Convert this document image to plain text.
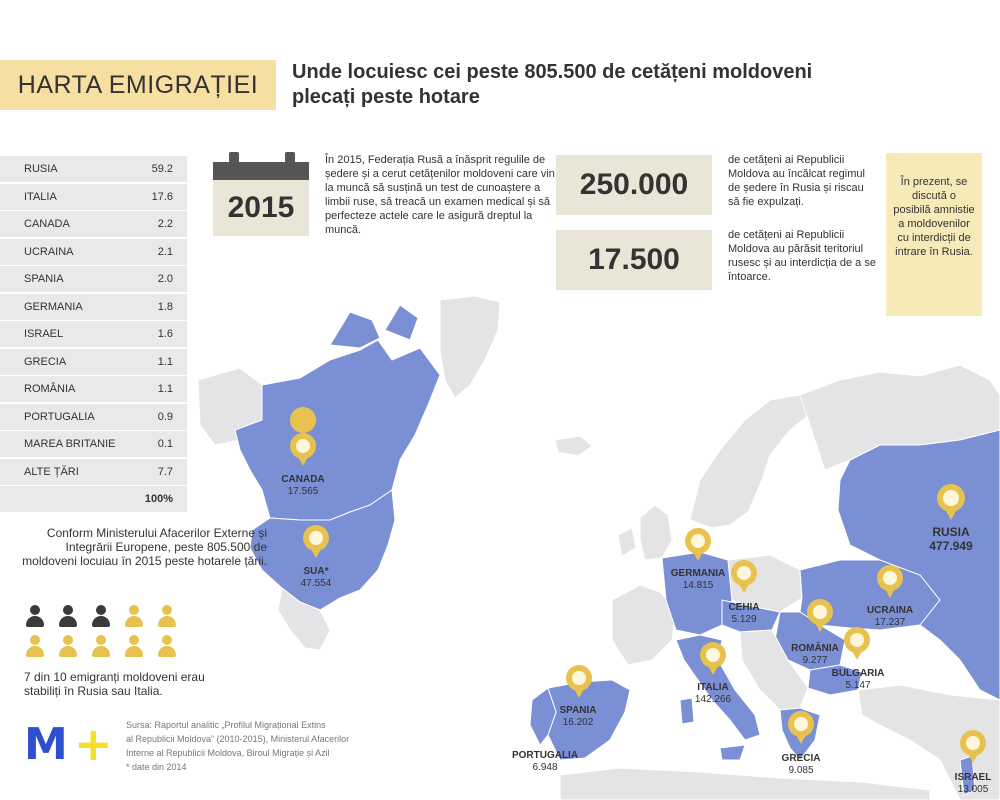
HARTA EMIGRAȚIEI Unde locuiesc cei peste 805.500 de cetățeni moldoveni
plecați peste hotare
CANADA
17.565
SUA*
47.554
GERMANIA
14.815
CEHIA
5.129
UCRAINA
17.237
ROMÂNIA
9.277
BULGARIA
5.147
ITALIA
142.266
SPANIA
16.202
PORTUGALIA
6.948
GRECIA
9.085
RUSIA
477.949
ISRAEL
13.005
RUSIA	59.2
ITALIA	17.6
CANADA	2.2
UCRAINA	2.1
SPANIA	2.0
GERMANIA	1.8
ISRAEL	1.6
GRECIA	1.1
ROMÂNIA	1.1
PORTUGALIA	0.9
MAREA BRITANIE	0.1
ALTE ȚĂRI	7.7
100%
Conform Ministerului Afacerilor Externe și Integrării Europene, peste 805.500 de moldoveni locuiau în 2015 peste hotarele țării.
7 din 10 emigranți moldoveni erau stabiliți în Rusia sau Italia.
M + Sursa: Raportul analitic „Profilul Migrațional Extins
al Republicii Moldova” (2010-2015), Ministerul Afacerilor
Interne al Republicii Moldova, Biroul Migrație și Azil
* date din 2014
2015
În 2015, Federația Rusă a înăsprit regulile de ședere și a cerut cetățenilor moldoveni care vin la muncă să susțină un test de cunoaștere a limbii ruse, să treacă un examen medical și să perfecteze actele care le asigură dreptul la muncă.
250.000
de cetățeni ai Republicii Moldova au încălcat regimul de ședere în Rusia și riscau să fie expulzați.
17.500
de cetățeni ai Republicii Moldova au părăsit teritoriul rusesc și au interdicția de a se întoarce.
În prezent, se discută o posibilă amnistie a moldovenilor cu interdicții de intrare în Rusia.
